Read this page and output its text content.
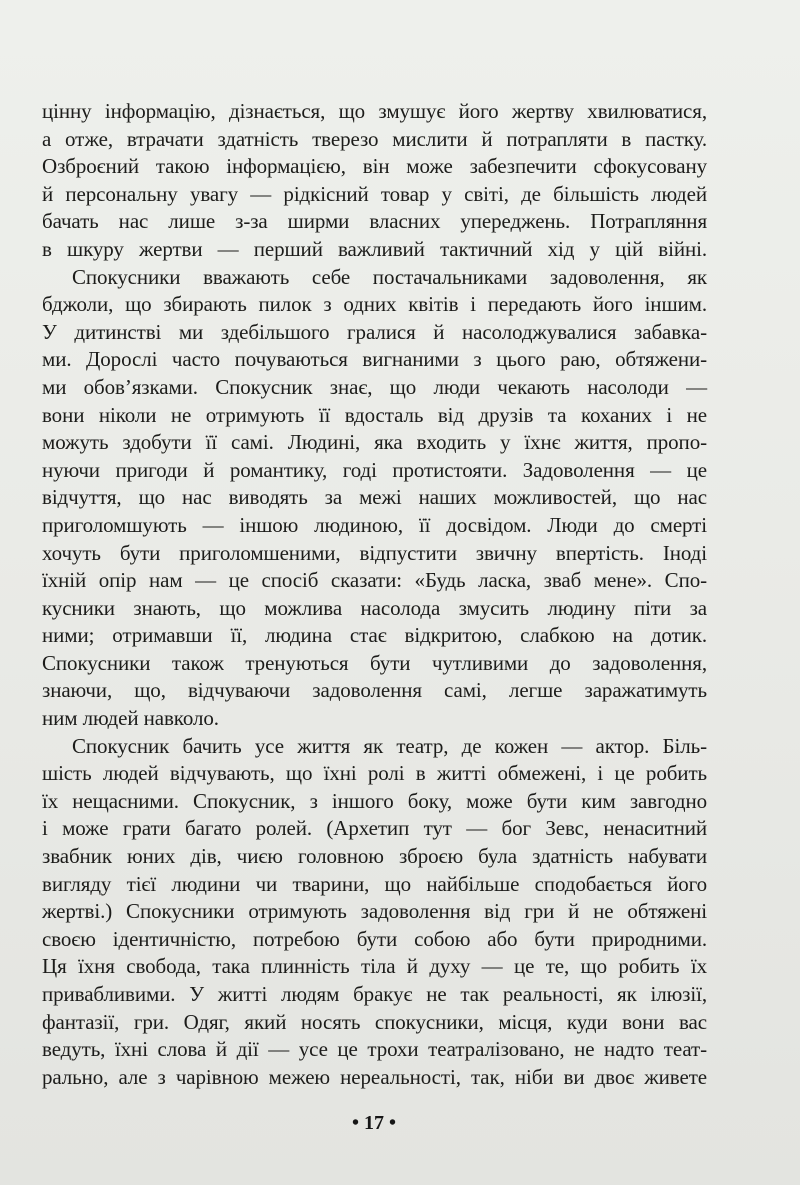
цінну інформацію, дізнається, що змушує його жертву хвилюватися,
а отже, втрачати здатність тверезо мислити й потрапляти в пастку.
Озброєний такою інформацією, він може забезпечити сфокусовану
й персональну увагу — рідкісний товар у світі, де більшість людей
бачать нас лише з-за ширми власних упереджень. Потрапляння
в шкуру жертви — перший важливий тактичний хід у цій війні.
Спокусники вважають себе постачальниками задоволення, як
бджоли, що збирають пилок з одних квітів і передають його іншим.
У дитинстві ми здебільшого гралися й насолоджувалися забавка-
ми. Дорослі часто почуваються вигнаними з цього раю, обтяжени-
ми обов’язками. Спокусник знає, що люди чекають насолоди —
вони ніколи не отримують її вдосталь від друзів та коханих і не
можуть здобути її самі. Людині, яка входить у їхнє життя, пропо-
нуючи пригоди й романтику, годі протистояти. Задоволення — це
відчуття, що нас виводять за межі наших можливостей, що нас
приголомшують — іншою людиною, її досвідом. Люди до смерті
хочуть бути приголомшеними, відпустити звичну впертість. Іноді
їхній опір нам — це спосіб сказати: «Будь ласка, зваб мене». Спо-
кусники знають, що можлива насолода змусить людину піти за
ними; отримавши її, людина стає відкритою, слабкою на дотик.
Спокусники також тренуються бути чутливими до задоволення,
знаючи, що, відчуваючи задоволення самі, легше заражатимуть
ним людей навколо.
Спокусник бачить усе життя як театр, де кожен — актор. Біль-
шість людей відчувають, що їхні ролі в житті обмежені, і це робить
їх нещасними. Спокусник, з іншого боку, може бути ким завгодно
і може грати багато ролей. (Архетип тут — бог Зевс, ненаситний
звабник юних дів, чиєю головною зброєю була здатність набувати
вигляду тієї людини чи тварини, що найбільше сподобається його
жертві.) Спокусники отримують задоволення від гри й не обтяжені
своєю ідентичністю, потребою бути собою або бути природними.
Ця їхня свобода, така плинність тіла й духу — це те, що робить їх
привабливими. У житті людям бракує не так реальності, як ілюзії,
фантазії, гри. Одяг, який носять спокусники, місця, куди вони вас
ведуть, їхні слова й дії — усе це трохи театралізовано, не надто теат-
рально, але з чарівною межею нереальності, так, ніби ви двоє живете
• 17 •
